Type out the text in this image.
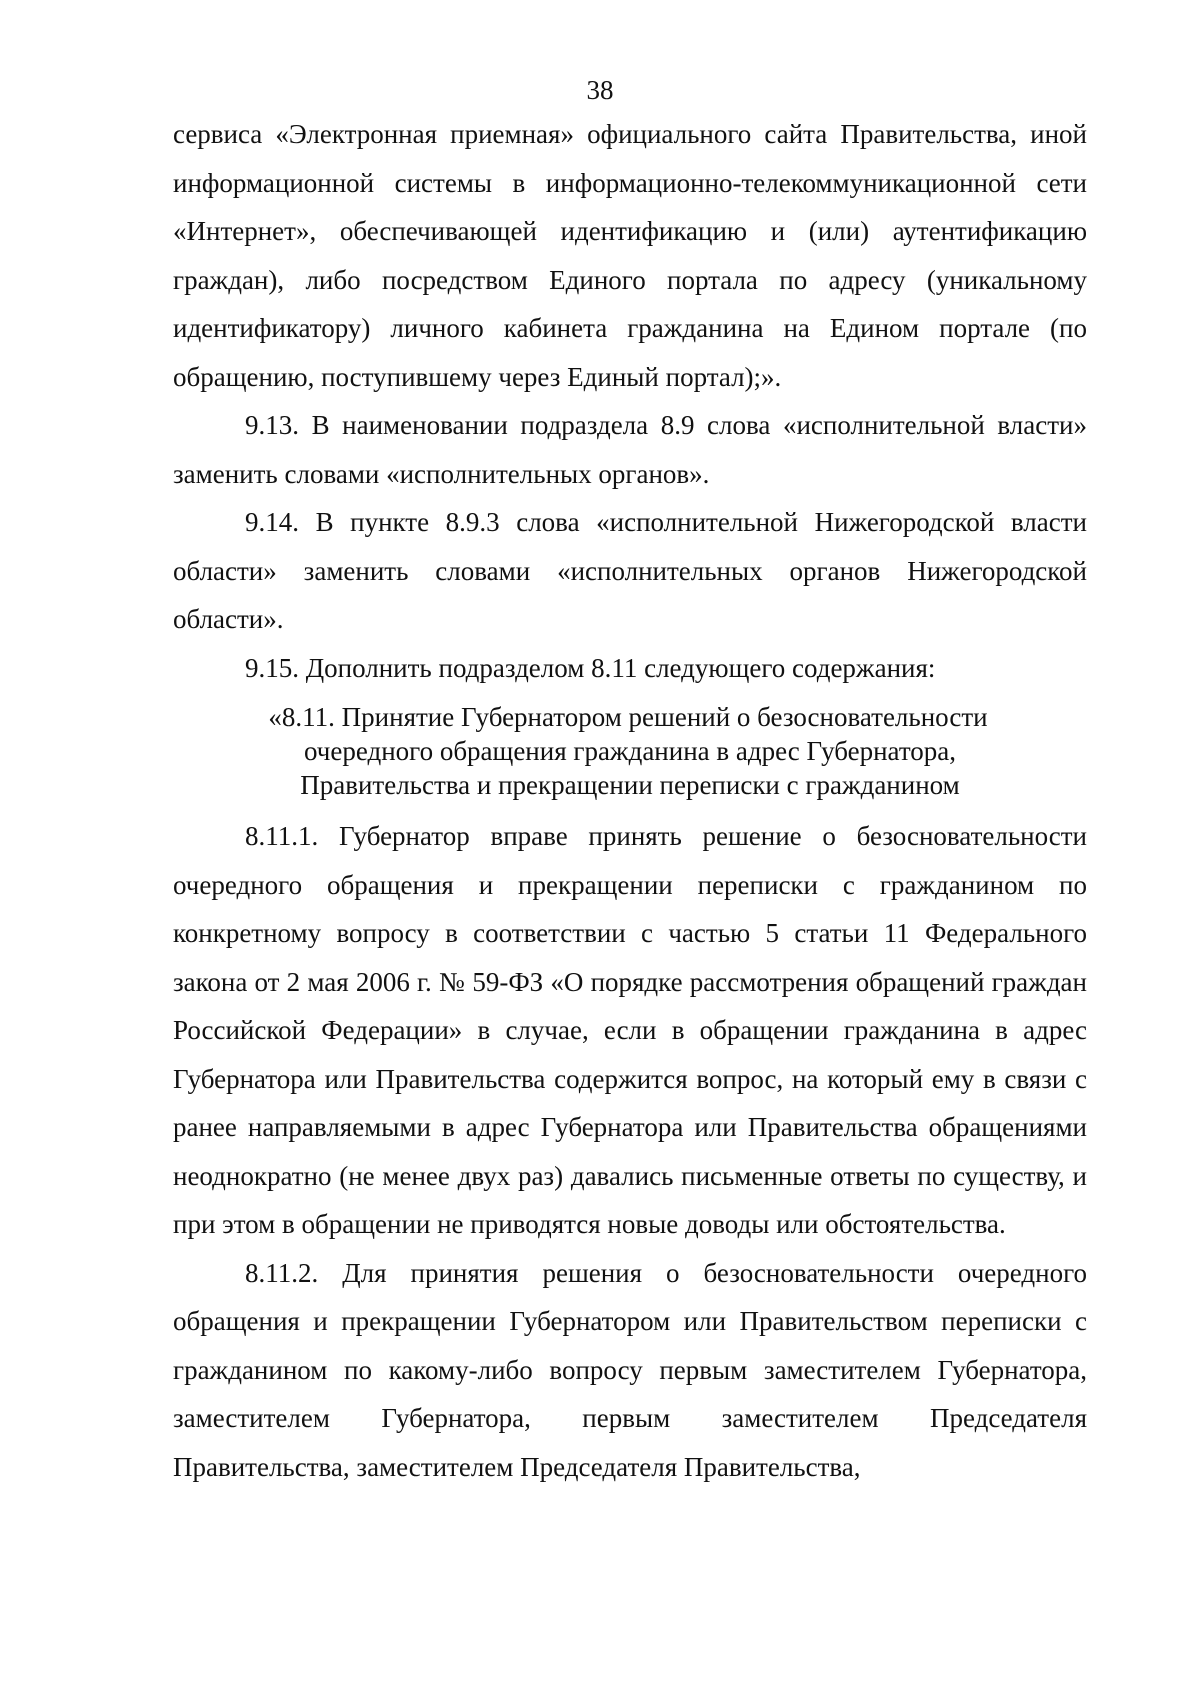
38

сервиса «Электронная приемная» официального сайта Правительства, иной информационной системы в информационно-телекоммуникационной сети «Интернет», обеспечивающей идентификацию и (или) аутентификацию граждан), либо посредством Единого портала по адресу (уникальному идентификатору) личного кабинета гражданина на Едином портале (по обращению, поступившему через Единый портал);».

9.13. В наименовании подраздела 8.9 слова «исполнительной власти» заменить словами «исполнительных органов».

9.14. В пункте 8.9.3 слова «исполнительной Нижегородской власти области» заменить словами «исполнительных органов Нижегородской области».

9.15. Дополнить подразделом 8.11 следующего содержания:

«8.11. Принятие Губернатором решений о безосновательности
очередного обращения гражданина в адрес Губернатора,
Правительства и прекращении переписки с гражданином

8.11.1. Губернатор вправе принять решение о безосновательности очередного обращения и прекращении переписки с гражданином по конкретному вопросу в соответствии с частью 5 статьи 11 Федерального закона от 2 мая 2006 г. № 59-ФЗ «О порядке рассмотрения обращений граждан Российской Федерации» в случае, если в обращении гражданина в адрес Губернатора или Правительства содержится вопрос, на который ему в связи с ранее направляемыми в адрес Губернатора или Правительства обращениями неоднократно (не менее двух раз) давались письменные ответы по существу, и при этом в обращении не приводятся новые доводы или обстоятельства.

8.11.2. Для принятия решения о безосновательности очередного обращения и прекращении Губернатором или Правительством переписки с гражданином по какому-либо вопросу первым заместителем Губернатора, заместителем Губернатора, первым заместителем Председателя Правительства, заместителем Председателя Правительства,
